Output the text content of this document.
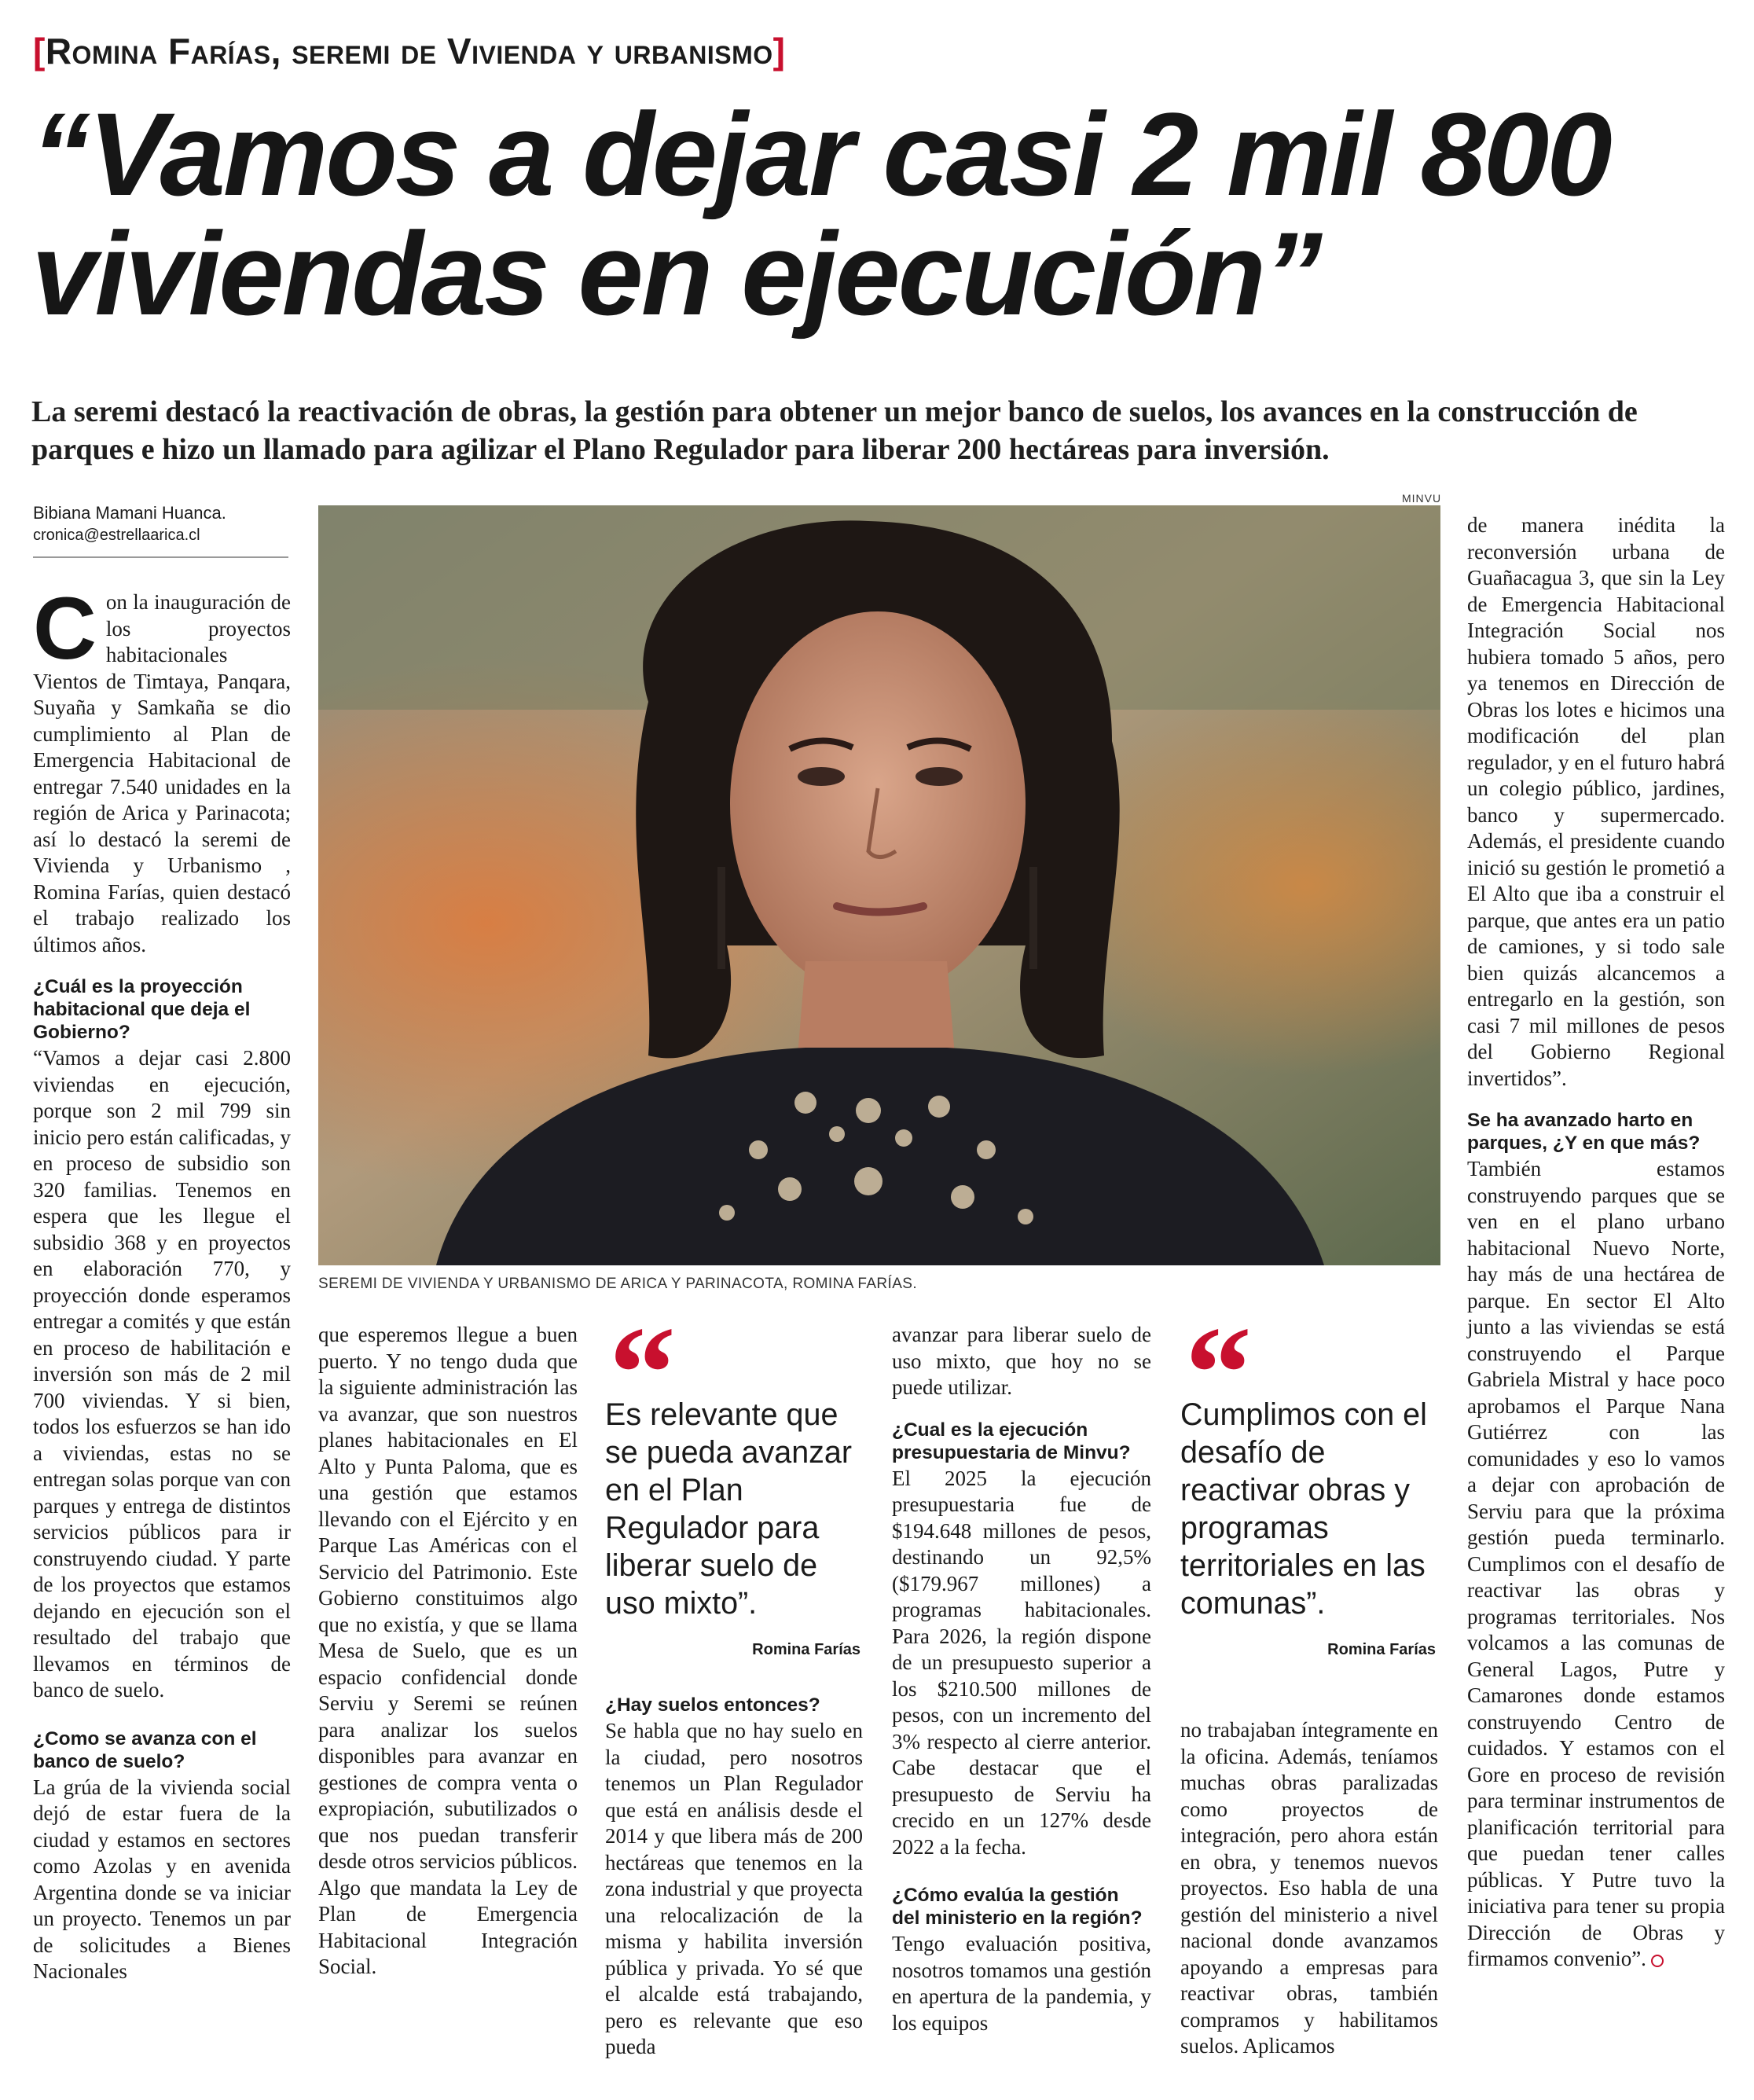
[Romina Farías, seremi de Vivienda y urbanismo]
“Vamos a dejar casi 2 mil 800 viviendas en ejecución”
La seremi destacó la reactivación de obras, la gestión para obtener un mejor banco de suelos, los avances en la construcción de parques e hizo un llamado para agilizar el Plano Regulador para liberar 200 hectáreas para inversión.
Bibiana Mamani Huanca.
cronica@estrellaarica.cl
MINVU
SEREMI DE VIVIENDA Y URBANISMO DE ARICA Y PARINACOTA, ROMINA FARÍAS.

Con la inauguración de los proyectos habitacionales Vientos de Timtaya, Panqara, Suyaña y Samkaña se dio cumplimiento al Plan de Emergencia Habitacional de entregar 7.540 unidades en la región de Arica y Parinacota; así lo destacó la seremi de Vivienda y Urbanismo , Romina Farías, quien destacó el trabajo realizado los últimos años.

¿Cuál es la proyección habitacional que deja el Gobierno?

“Vamos a dejar casi 2.800 viviendas en ejecución, porque son 2 mil 799 sin inicio pero están calificadas, y en proceso de subsidio son 320 familias. Tenemos en espera que les llegue el subsidio 368 y en proyectos en elaboración 770, y proyección donde esperamos entregar a comités y que están en proceso de habilitación e inversión son más de 2 mil 700 viviendas. Y si bien, todos los esfuerzos se han ido a viviendas, estas no se entregan solas porque van con parques y entrega de distintos servicios públicos para ir construyendo ciudad. Y parte de los proyectos que estamos dejando en ejecución son el resultado del trabajo que llevamos en términos de banco de suelo.

¿Como se avanza con el banco de suelo?

La grúa de la vivienda social dejó de estar fuera de la ciudad y estamos en sectores como Azolas y en avenida Argentina donde se va iniciar un proyecto. Tenemos un par de solicitudes a Bienes Nacionales

que esperemos llegue a buen puerto. Y no tengo duda que la siguiente administración las va avanzar, que son nuestros planes habitacionales en El Alto y Punta Paloma, que es una gestión que estamos llevando con el Ejército y en Parque Las Américas con el Servicio del Patrimonio. Este Gobierno constituimos algo que no existía, y que se llama Mesa de Suelo, que es un espacio confidencial donde Serviu y Seremi se reúnen para analizar los suelos disponibles para avanzar en gestiones de compra venta o expropiación, subutilizados o que nos puedan transferir desde otros servicios públicos. Algo que mandata la Ley de Plan de Emergencia Habitacional Integración Social.

“
Es relevante que se pueda avanzar en el Plan Regulador para liberar suelo de uso mixto”.
Romina Farías

¿Hay suelos entonces?

Se habla que no hay suelo en la ciudad, pero nosotros tenemos un Plan Regulador que está en análisis desde el 2014 y que libera más de 200 hectáreas que tenemos en la zona industrial y que proyecta una relocalización de la misma y habilita inversión pública y privada. Yo sé que el alcalde está trabajando, pero es relevante que eso pueda

avanzar para liberar suelo de uso mixto, que hoy no se puede utilizar.

¿Cual es la ejecución presupuestaria de Minvu?

El 2025 la ejecución presupuestaria fue de $194.648 millones de pesos, destinando un 92,5% ($179.967 millones) a programas habitacionales. Para 2026, la región dispone de un presupuesto superior a los $210.500 millones de pesos, con un incremento del 3% respecto al cierre anterior. Cabe destacar que el presupuesto de Serviu ha crecido en un 127% desde 2022 a la fecha.

¿Cómo evalúa la gestión del ministerio en la región?

Tengo evaluación positiva, nosotros tomamos una gestión en apertura de la pandemia, y los equipos

“
Cumplimos con el desafío de reactivar obras y programas territoriales en las comunas”.
Romina Farías

no trabajaban íntegramente en la oficina. Además, teníamos muchas obras paralizadas como proyectos de integración, pero ahora están en obra, y tenemos nuevos proyectos. Eso habla de una gestión del ministerio a nivel nacional donde avanzamos apoyando a empresas para reactivar obras, también compramos y habilitamos suelos. Aplicamos

de manera inédita la reconversión urbana de Guañacagua 3, que sin la Ley de Emergencia Habitacional Integración Social nos hubiera tomado 5 años, pero ya tenemos en Dirección de Obras los lotes e hicimos una modificación del plan regulador, y en el futuro habrá un colegio público, jardines, banco y supermercado. Además, el presidente cuando inició su gestión le prometió a El Alto que iba a construir el parque, que antes era un patio de camiones, y si todo sale bien quizás alcancemos a entregarlo en la gestión, son casi 7 mil millones de pesos del Gobierno Regional invertidos”.

Se ha avanzado harto en parques, ¿Y en que más?

También estamos construyendo parques que se ven en el plano urbano habitacional Nuevo Norte, hay más de una hectárea de parque. En sector El Alto junto a las viviendas se está construyendo el Parque Gabriela Mistral y hace poco aprobamos el Parque Nana Gutiérrez con las comunidades y eso lo vamos a dejar con aprobación de Serviu para que la próxima gestión pueda terminarlo. Cumplimos con el desafío de reactivar las obras y programas territoriales. Nos volcamos a las comunas de General Lagos, Putre y Camarones donde estamos construyendo Centro de cuidados. Y estamos con el Gore en proceso de revisión para terminar instrumentos de planificación territorial para que puedan tener calles públicas. Y Putre tuvo la iniciativa para tener su propia Dirección de Obras y firmamos convenio”.
